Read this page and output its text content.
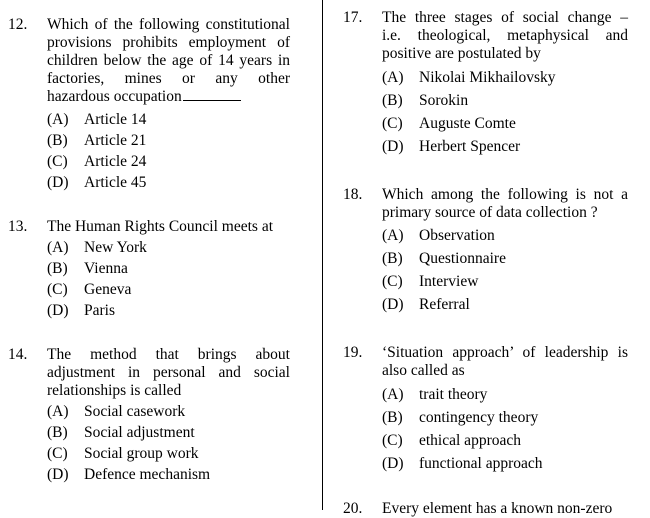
12.	Which of the following constitutional
provisions prohibits employment of
children below the age of 14 years in
factories, mines or any other
hazardous occupation
(A) Article 14
(B)	Article 21
(C)	Article 24
(D) Article 45
13.	The Human Rights Council meets at
(A) New York
(B)	Vienna
(C)	Geneva
(D) Paris
14.	The method that brings about
adjustment in personal and social
relationships is called
(A) Social casework
(B)	Social adjustment
(C)	Social group work
(D) Defence mechanism
17.	The three stages of social change –
i.e. theological, metaphysical and
positive are postulated by
(A) Nikolai Mikhailovsky
(B)	Sorokin
(C)	Auguste Comte
(D) Herbert Spencer
18.	Which among the following is not a
primary source of data collection ?
(A) Observation
(B)	Questionnaire
(C)	Interview
(D) Referral
19.	‘Situation approach’ of leadership is
also called as
(A) trait theory
(B)	contingency theory
(C)	ethical approach
(D) functional approach
20.	Every element has a known non-zero
